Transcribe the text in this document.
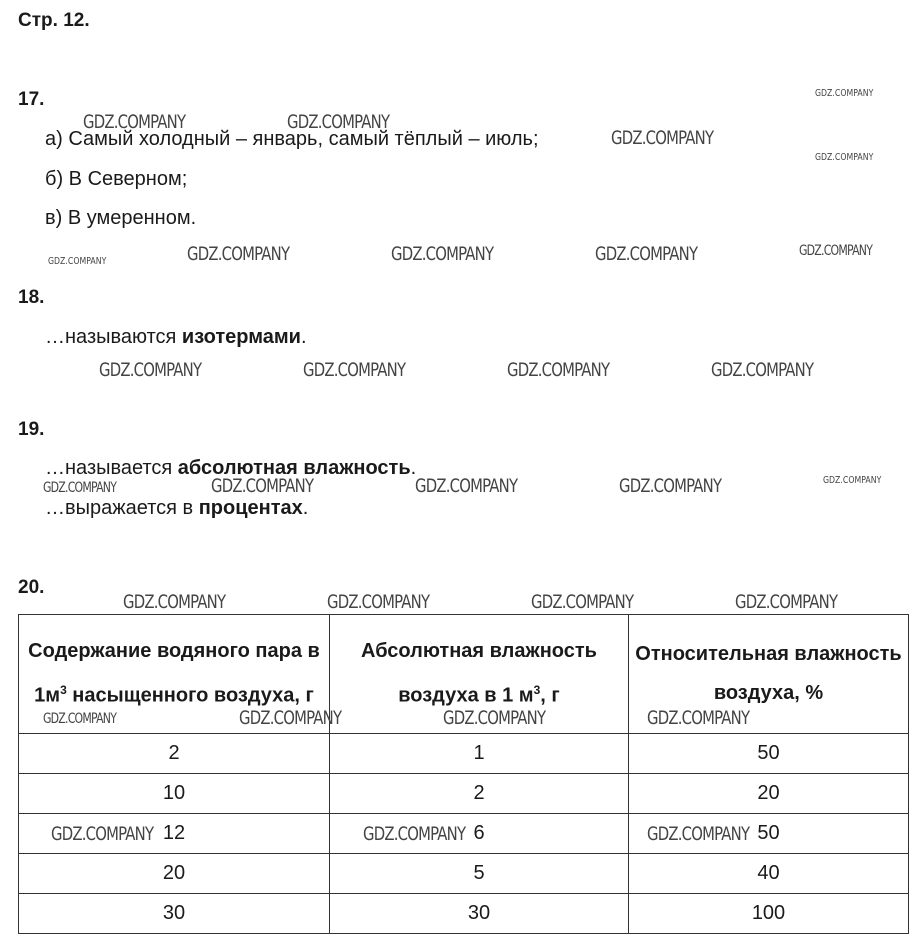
Стр. 12.
17.
а) Самый холодный – январь, самый тёплый – июль;
б) В Северном;
в) В умеренном.
18.
…называются изотермами.
19.
…называется абсолютная влажность.
…выражается в процентах.
20.
Содержание водяного пара в $1м^3$ насыщенного воздуха, г	Абсолютная влажность воздуха в 1 $м^3$, г	Относительная влажность воздуха, %
2	1	50
10	2	20
12	6	50
20	5	40
30	30	100
GDZ.COMPANY
GDZ.COMPANY	GDZ.COMPANY
GDZ.COMPANY
GDZ.COMPANY
GDZ.COMPANY	GDZ.COMPANY	GDZ.COMPANY	GDZ.COMPANY	GDZ.COMPANY
GDZ.COMPANY	GDZ.COMPANY	GDZ.COMPANY	GDZ.COMPANY
GDZ.COMPANY	GDZ.COMPANY	GDZ.COMPANY	GDZ.COMPANY	GDZ.COMPANY
GDZ.COMPANY	GDZ.COMPANY	GDZ.COMPANY	GDZ.COMPANY
GDZ.COMPANY	GDZ.COMPANY	GDZ.COMPANY	GDZ.COMPANY
GDZ.COMPANY	GDZ.COMPANY	GDZ.COMPANY
